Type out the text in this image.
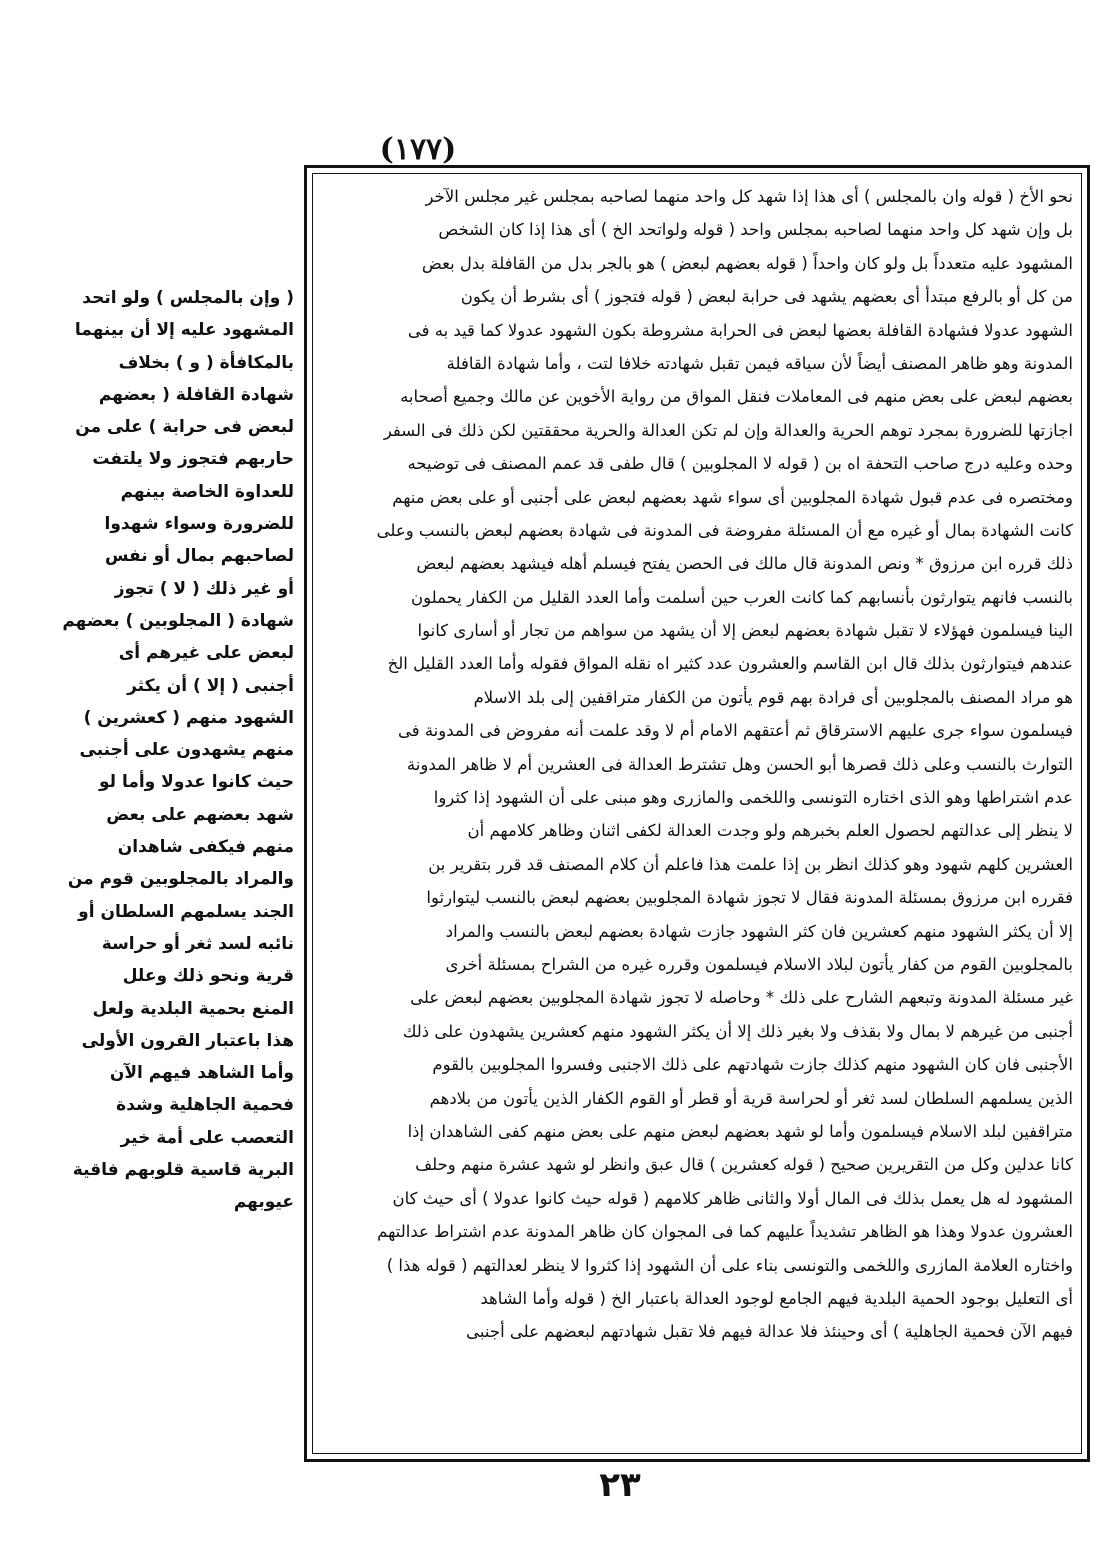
(١٧٧)
( وإن بالمجلس ) ولو اتحد
المشهود عليه إلا أن بينهما
بالمكافأة ( و ) بخلاف
شهادة القافلة ( بعضهم
لبعض فى حرابة ) على من
حاربهم فتجوز ولا يلتفت
للعداوة الخاصة بينهم
للضرورة وسواء شهدوا
لصاحبهم بمال أو نفس
أو غير ذلك ( لا ) تجوز
شهادة ( المجلوبين ) بعضهم
لبعض على غيرهم أى
أجنبى ( إلا ) أن يكثر
الشهود منهم ( كعشرين )
منهم يشهدون على أجنبى
حيث كانوا عدولا وأما لو
شهد بعضهم على بعض
منهم فيكفى شاهدان
والمراد بالمجلوبين قوم من
الجند يسلمهم السلطان أو
نائبه لسد ثغر أو حراسة
قرية ونحو ذلك وعلل
المنع بحمية البلدية ولعل
هذا باعتبار القرون الأولى
وأما الشاهد فيهم الآن
فحمية الجاهلية وشدة
التعصب على أمة خير
البرية قاسية قلوبهم فاقية
عيوبهم
نحو الأخ ( قوله وان بالمجلس ) أى هذا إذا شهد كل واحد منهما لصاحبه بمجلس غير مجلس الآخر
بل وإن شهد كل واحد منهما لصاحبه بمجلس واحد ( قوله ولواتحد الخ ) أى هذا إذا كان الشخص
المشهود عليه متعدداً بل ولو كان واحداً ( قوله بعضهم لبعض ) هو بالجر بدل من القافلة بدل بعض
من كل أو بالرفع مبتدأ أى بعضهم يشهد فى حرابة لبعض ( قوله فتجوز ) أى بشرط أن يكون
الشهود عدولا فشهادة القافلة بعضها لبعض فى الحرابة مشروطة بكون الشهود عدولا كما قيد به فى
المدونة وهو ظاهر المصنف أيضاً لأن سياقه فيمن تقبل شهادته خلافا لتت ، وأما شهادة القافلة
بعضهم لبعض على بعض منهم فى المعاملات فنقل المواق من رواية الأخوين عن مالك وجميع أصحابه
اجازتها للضرورة بمجرد توهم الحرية والعدالة وإن لم تكن العدالة والحرية محققتين لكن ذلك فى السفر
وحده وعليه درج صاحب التحفة اه بن ( قوله لا المجلوبين ) قال طفى قد عمم المصنف فى توضيحه
ومختصره فى عدم قبول شهادة المجلوبين أى سواء شهد بعضهم لبعض على أجنبى أو على بعض منهم
كانت الشهادة بمال أو غيره مع أن المسئلة مفروضة فى المدونة فى شهادة بعضهم لبعض بالنسب وعلى
ذلك قرره ابن مرزوق * ونص المدونة قال مالك فى الحصن يفتح فيسلم أهله فيشهد بعضهم لبعض
بالنسب فانهم يتوارثون بأنسابهم كما كانت العرب حين أسلمت وأما العدد القليل من الكفار يحملون
الينا فيسلمون فهؤلاء لا تقبل شهادة بعضهم لبعض إلا أن يشهد من سواهم من تجار أو أسارى كانوا
عندهم فيتوارثون بذلك قال ابن القاسم والعشرون عدد كثير اه نقله المواق فقوله وأما العدد القليل الخ
هو مراد المصنف بالمجلوبين أى فرادة بهم قوم يأتون من الكفار متراقفين إلى بلد الاسلام
فيسلمون سواء جرى عليهم الاسترقاق ثم أعتقهم الامام أم لا وقد علمت أنه مفروض فى المدونة فى
التوارث بالنسب وعلى ذلك قصرها أبو الحسن وهل تشترط العدالة فى العشرين أم لا ظاهر المدونة
عدم اشتراطها وهو الذى اختاره التونسى واللخمى والمازرى وهو مبنى على أن الشهود إذا كثروا
لا ينظر إلى عدالتهم لحصول العلم بخبرهم ولو وجدت العدالة لكفى اثنان وظاهر كلامهم أن
العشرين كلهم شهود وهو كذلك انظر بن إذا علمت هذا فاعلم أن كلام المصنف قد قرر بتقرير بن
فقرره ابن مرزوق بمسئلة المدونة فقال لا تجوز شهادة المجلوبين بعضهم لبعض بالنسب ليتوارثوا
إلا أن يكثر الشهود منهم كعشرين فان كثر الشهود جازت شهادة بعضهم لبعض بالنسب والمراد
بالمجلوبين القوم من كفار يأتون لبلاد الاسلام فيسلمون وقرره غيره من الشراح بمسئلة أخرى
غير مسئلة المدونة وتبعهم الشارح على ذلك * وحاصله لا تجوز شهادة المجلوبين بعضهم لبعض على
أجنبى من غيرهم لا بمال ولا بقذف ولا بغير ذلك إلا أن يكثر الشهود منهم كعشرين يشهدون على ذلك
الأجنبى فان كان الشهود منهم كذلك جازت شهادتهم على ذلك الاجنبى وفسروا المجلوبين بالقوم
الذين يسلمهم السلطان لسد ثغر أو لحراسة قرية أو قطر أو القوم الكفار الذين يأتون من بلادهم
متراقفين لبلد الاسلام فيسلمون وأما لو شهد بعضهم لبعض منهم على بعض منهم كفى الشاهدان إذا
كانا عدلين وكل من التقريرين صحيح ( قوله كعشرين ) قال عبق وانظر لو شهد عشرة منهم وحلف
المشهود له هل يعمل بذلك فى المال أولا والثانى ظاهر كلامهم ( قوله حيث كانوا عدولا ) أى حيث كان
العشرون عدولا وهذا هو الظاهر تشديداً عليهم كما فى المجوان كان ظاهر المدونة عدم اشتراط عدالتهم
واختاره العلامة المازرى واللخمى والتونسى بناء على أن الشهود إذا كثروا لا ينظر لعدالتهم ( قوله هذا )
أى التعليل بوجود الحمية البلدية فيهم الجامع لوجود العدالة باعتبار الخ ( قوله وأما الشاهد
فيهم الآن فحمية الجاهلية ) أى وحينئذ فلا عدالة فيهم فلا تقبل شهادتهم لبعضهم على أجنبى
٢٣
